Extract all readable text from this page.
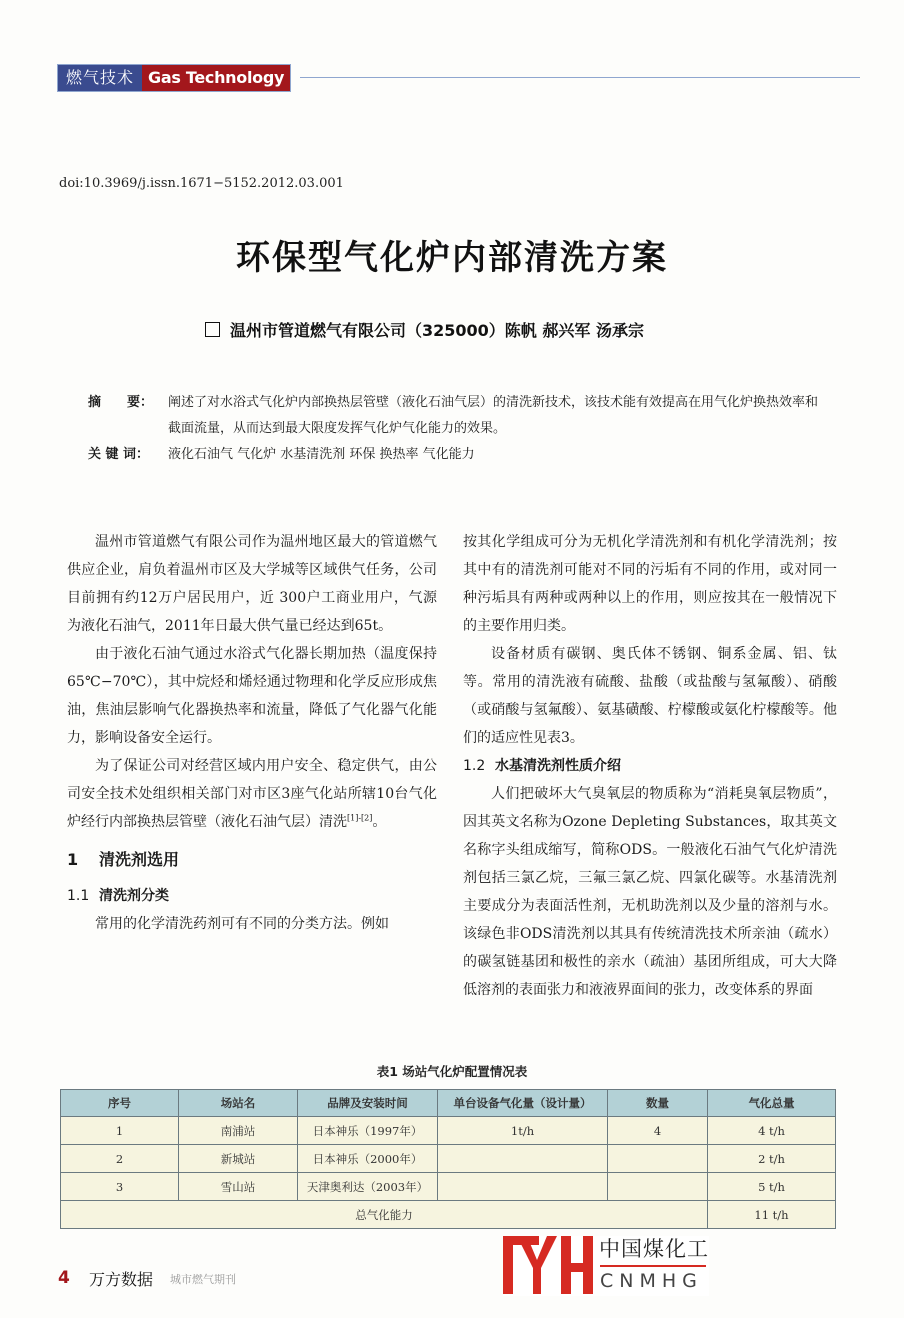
燃气技术 Gas Technology
doi:10.3969/j.issn.1671−5152.2012.03.001
环保型气化炉内部清洗方案
温州市管道燃气有限公司（325000）陈帆 郝兴军 汤承宗
摘　　要：	阐述了对水浴式气化炉内部换热层管壁（液化石油气层）的清洗新技术，该技术能有效提高在用气化炉换热效率和截面流量，从而达到最大限度发挥气化炉气化能力的效果。
关 键 词：	液化石油气 气化炉 水基清洗剂 环保 换热率 气化能力

温州市管道燃气有限公司作为温州地区最大的管道燃气供应企业，肩负着温州市区及大学城等区域供气任务，公司目前拥有约12万户居民用户，近 300户工商业用户，气源为液化石油气，2011年日最大供气量已经达到65t。

由于液化石油气通过水浴式气化器长期加热（温度保持65℃−70℃），其中烷烃和烯烃通过物理和化学反应形成焦油，焦油层影响气化器换热率和流量，降低了气化器气化能力，影响设备安全运行。

为了保证公司对经营区域内用户安全、稳定供气，由公司安全技术处组织相关部门对市区3座气化站所辖10台气化炉经行内部换热层管壁（液化石油气层）清洗[1]-[2]。

1 清洗剂选用

1.1 清洗剂分类

常用的化学清洗药剂可有不同的分类方法。例如

按其化学组成可分为无机化学清洗剂和有机化学清洗剂；按其中有的清洗剂可能对不同的污垢有不同的作用，或对同一种污垢具有两种或两种以上的作用，则应按其在一般情况下的主要作用归类。

设备材质有碳钢、奥氏体不锈钢、铜系金属、铝、钛等。常用的清洗液有硫酸、盐酸（或盐酸与氢氟酸）、硝酸（或硝酸与氢氟酸）、氨基磺酸、柠檬酸或氨化柠檬酸等。他们的适应性见表3。

1.2 水基清洗剂性质介绍

人们把破坏大气臭氧层的物质称为“消耗臭氧层物质”，因其英文名称为Ozone Depleting Substances，取其英文名称字头组成缩写，简称ODS。一般液化石油气气化炉清洗剂包括三氯乙烷，三氟三氯乙烷、四氯化碳等。水基清洗剂主要成分为表面活性剂，无机助洗剂以及少量的溶剂与水。该绿色非ODS清洗剂以其具有传统清洗技术所亲油（疏水）的碳氢链基团和极性的亲水（疏油）基团所组成，可大大降低溶剂的表面张力和液液界面间的张力，改变体系的界面

表1 场站气化炉配置情况表
序号	场站名	品牌及安装时间	单台设备气化量（设计量）	数量	气化总量
1	南浦站	日本神乐（1997年）	1t/h	4	4 t/h
2	新城站	日本神乐（2000年）			2 t/h
3	雪山站	天津奥利达（2003年）			5 t/h
总气化能力					11 t/h
中国煤化工
CNMHG
4 万方数据 城市燃气期刊
